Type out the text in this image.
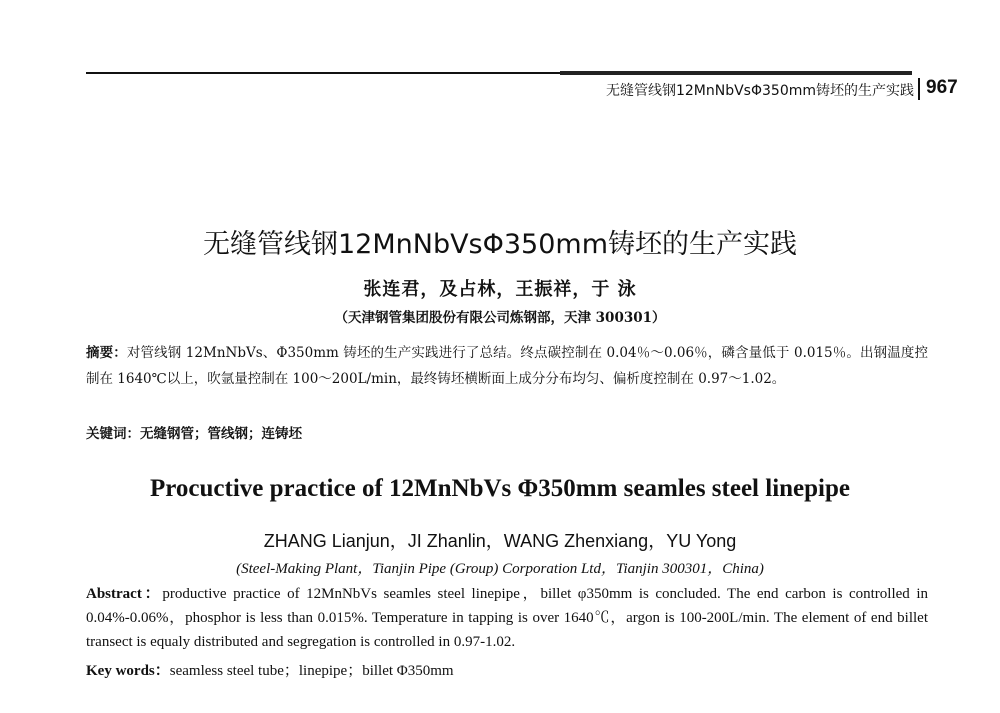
无缝管线钢12MnNbVsΦ350mm铸坯的生产实践 967
无缝管线钢12MnNbVsΦ350mm铸坯的生产实践
张连君，及占林，王振祥，于 泳
（天津钢管集团股份有限公司炼钢部，天津 300301）
摘要：对管线钢 12MnNbVs、Φ350mm 铸坯的生产实践进行了总结。终点碳控制在 0.04％～0.06％，磷含量低于 0.015％。出钢温度控制在 1640℃以上，吹氩量控制在 100～200L/min，最终铸坯横断面上成分分布均匀、偏析度控制在 0.97～1.02。
关键词：无缝钢管；管线钢；连铸坯
Procuctive practice of 12MnNbVs Φ350mm seamles steel linepipe
ZHANG Lianjun，JI Zhanlin，WANG Zhenxiang，YU Yong
(Steel-Making Plant，Tianjin Pipe (Group) Corporation Ltd，Tianjin 300301，China)
Abstract：productive practice of 12MnNbVs seamles steel linepipe，billet φ350mm is concluded. The end carbon is controlled in 0.04%-0.06%，phosphor is less than 0.015%. Temperature in tapping is over 1640℃，argon is 100-200L/min. The element of end billet transect is equaly distributed and segregation is controlled in 0.97-1.02.
Key words：seamless steel tube；linepipe；billet Φ350mm
